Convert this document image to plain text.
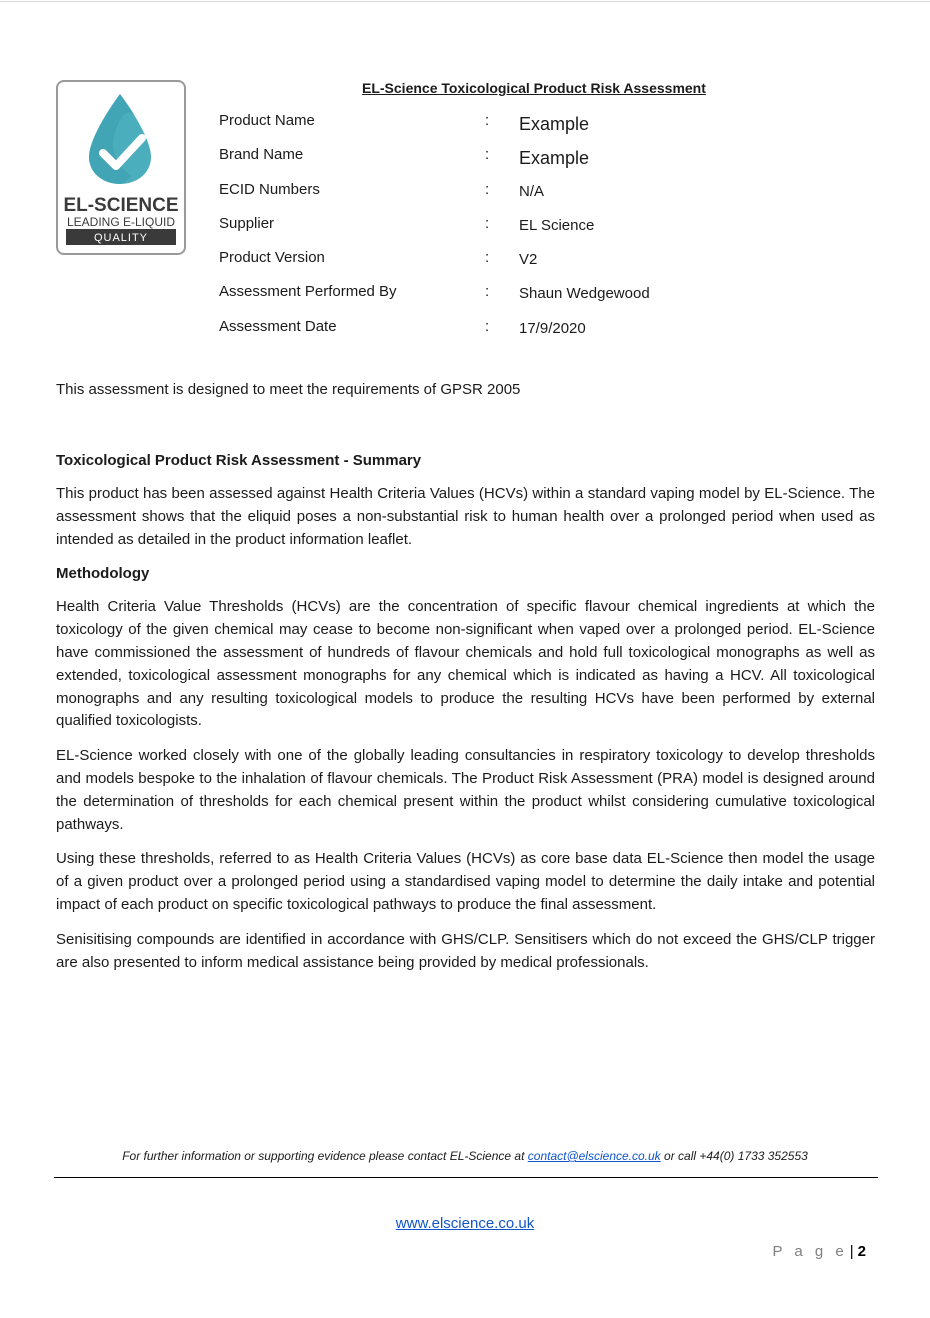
EL-SCIENCE
LEADING E-LIQUID
QUALITY
EL-Science Toxicological Product Risk Assessment
Product Name	: Example
Brand Name	: Example
ECID Numbers	: N/A
Supplier	: EL Science
Product Version	: V2
Assessment Performed By	: Shaun Wedgewood
Assessment Date	: 17/9/2020
This assessment is designed to meet the requirements of GPSR 2005
Toxicological Product Risk Assessment - Summary

This product has been assessed against Health Criteria Values (HCVs) within a standard vaping model by EL-Science. The assessment shows that the eliquid poses a non-substantial risk to human health over a prolonged period when used as intended as detailed in the product information leaflet.

Methodology

Health Criteria Value Thresholds (HCVs) are the concentration of specific flavour chemical ingredients at which the toxicology of the given chemical may cease to become non-significant when vaped over a prolonged period. EL-Science have commissioned the assessment of hundreds of flavour chemicals and hold full toxicological monographs as well as extended, toxicological assessment monographs for any chemical which is indicated as having a HCV. All toxicological monographs and any resulting toxicological models to produce the resulting HCVs have been performed by external qualified toxicologists.

EL-Science worked closely with one of the globally leading consultancies in respiratory toxicology to develop thresholds and models bespoke to the inhalation of flavour chemicals. The Product Risk Assessment (PRA) model is designed around the determination of thresholds for each chemical present within the product whilst considering cumulative toxicological pathways.

Using these thresholds, referred to as Health Criteria Values (HCVs) as core base data EL-Science then model the usage of a given product over a prolonged period using a standardised vaping model to determine the daily intake and potential impact of each product on specific toxicological pathways to produce the final assessment.

Senisitising compounds are identified in accordance with GHS/CLP. Sensitisers which do not exceed the GHS/CLP trigger are also presented to inform medical assistance being provided by medical professionals.

For further information or supporting evidence please contact EL-Science at contact@elscience.co.uk or call +44(0) 1733 352553
www.elscience.co.uk
P a g e | 2
